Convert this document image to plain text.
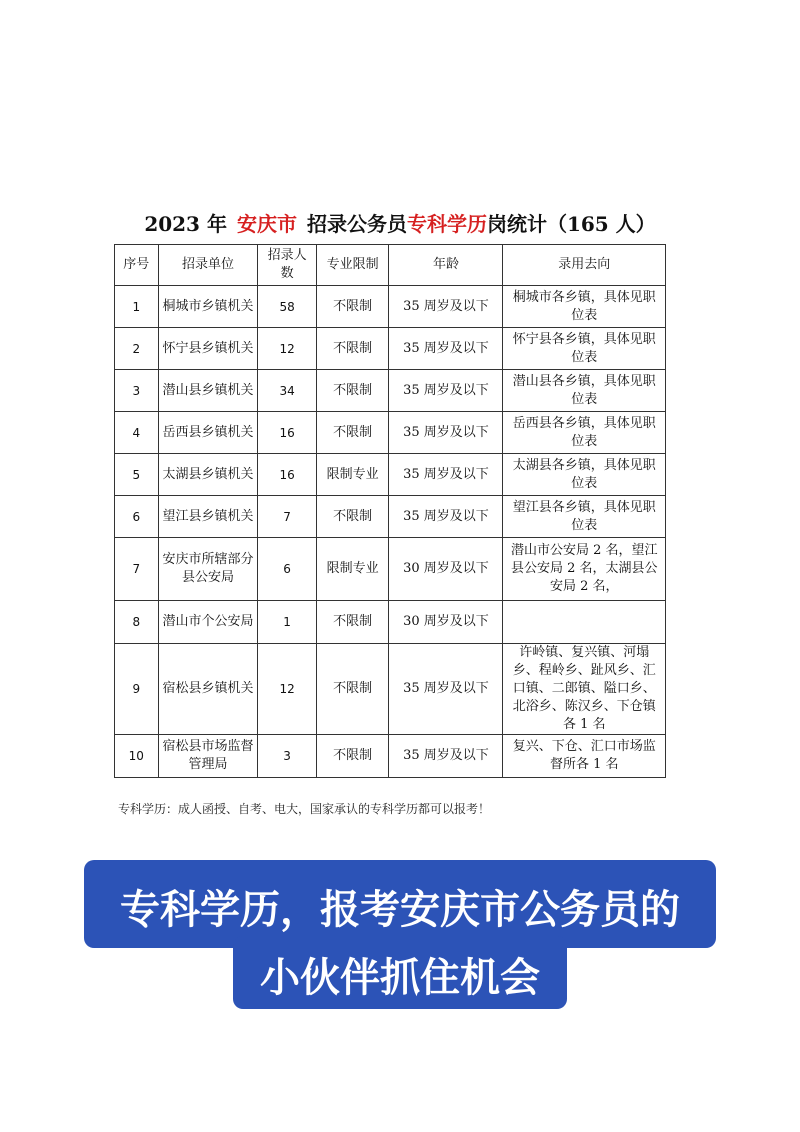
2023 年 安庆市 招录公务员专科学历岗统计（165 人）
序号	招录单位	招录人数	专业限制	年龄	录用去向
1	桐城市乡镇机关	58	不限制	35 周岁及以下	桐城市各乡镇，具体见职位表
2	怀宁县乡镇机关	12	不限制	35 周岁及以下	怀宁县各乡镇，具体见职位表
3	潜山县乡镇机关	34	不限制	35 周岁及以下	潜山县各乡镇，具体见职位表
4	岳西县乡镇机关	16	不限制	35 周岁及以下	岳西县各乡镇，具体见职位表
5	太湖县乡镇机关	16	限制专业	35 周岁及以下	太湖县各乡镇，具体见职位表
6	望江县乡镇机关	7	不限制	35 周岁及以下	望江县各乡镇，具体见职位表
7	安庆市所辖部分县公安局	6	限制专业	30 周岁及以下	潜山市公安局 2 名，望江县公安局 2 名，太湖县公安局 2 名，
8	潜山市个公安局	1	不限制	30 周岁及以下	
9	宿松县乡镇机关	12	不限制	35 周岁及以下	许岭镇、复兴镇、河塌乡、程岭乡、趾风乡、汇口镇、二郎镇、隘口乡、北浴乡、陈汉乡、下仓镇各 1 名
10	宿松县市场监督管理局	3	不限制	35 周岁及以下	复兴、下仓、汇口市场监督所各 1 名
专科学历：成人函授、自考、电大，国家承认的专科学历都可以报考！
专科学历，报考安庆市公务员的
小伙伴抓住机会
